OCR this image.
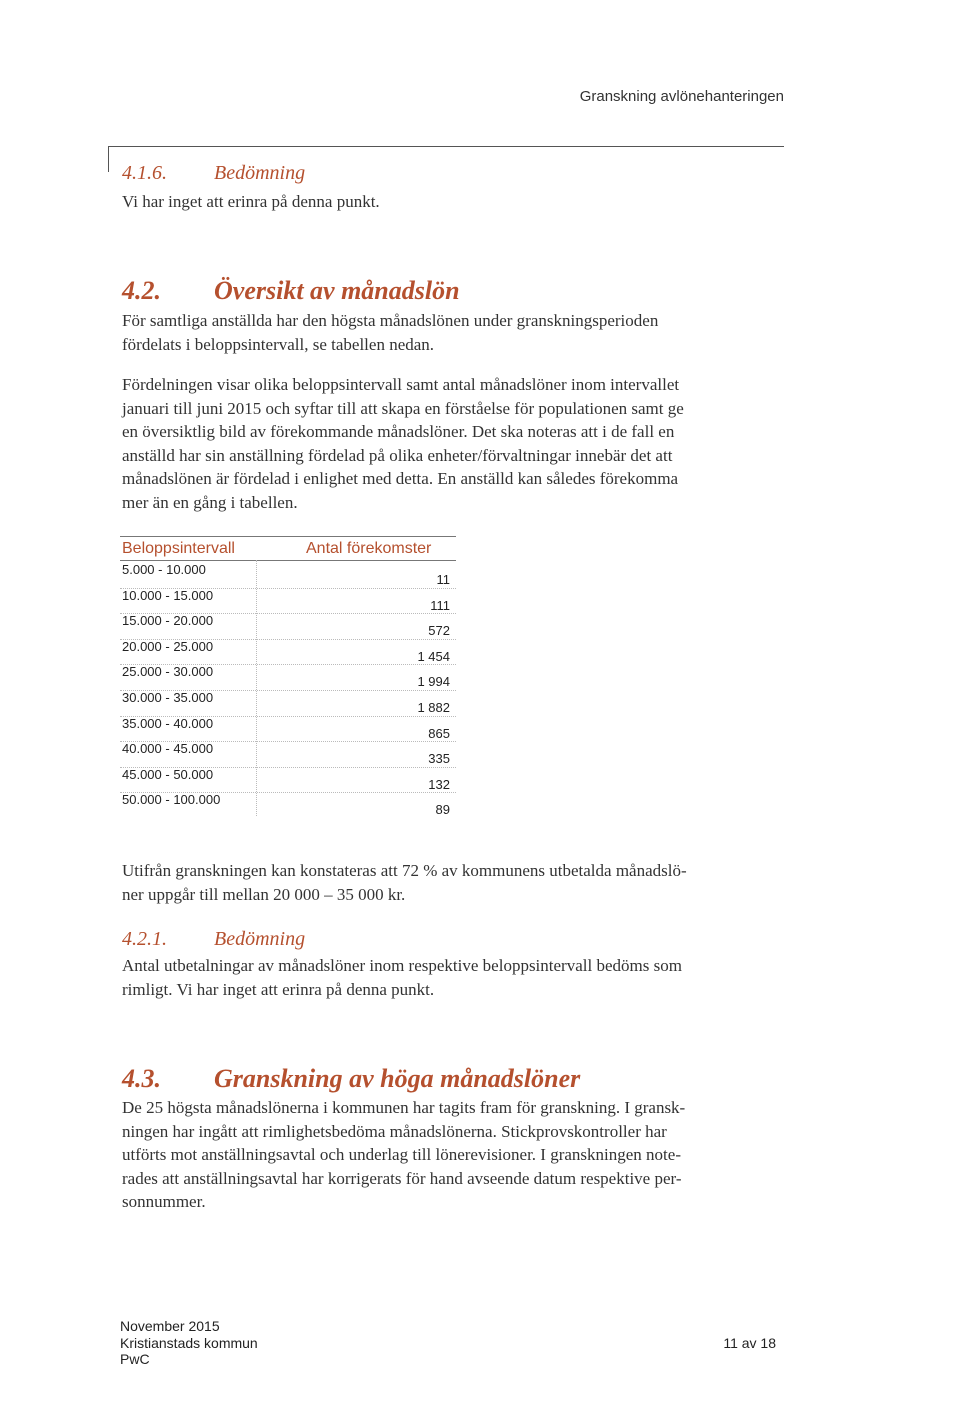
Granskning avlönehanteringen
4.1.6. Bedömning
Vi har inget att erinra på denna punkt.
4.2. Översikt av månadslön
För samtliga anställda har den högsta månadslönen under granskningsperioden
fördelats i beloppsintervall, se tabellen nedan.
Fördelningen visar olika beloppsintervall samt antal månadslöner inom intervallet
januari till juni 2015 och syftar till att skapa en förståelse för populationen samt ge
en översiktlig bild av förekommande månadslöner. Det ska noteras att i de fall en
anställd har sin anställning fördelad på olika enheter/förvaltningar innebär det att
månadslönen är fördelad i enlighet med detta. En anställd kan således förekomma
mer än en gång i tabellen.
Beloppsintervall	Antal förekomster
5.000 - 10.000
11
10.000 - 15.000
111
15.000 - 20.000
572
20.000 - 25.000
1 454
25.000 - 30.000
1 994
30.000 - 35.000
1 882
35.000 - 40.000
865
40.000 - 45.000
335
45.000 - 50.000
132
50.000 - 100.000
89
Utifrån granskningen kan konstateras att 72 % av kommunens utbetalda månadslö-
ner uppgår till mellan 20 000 – 35 000 kr.
4.2.1. Bedömning
Antal utbetalningar av månadslöner inom respektive beloppsintervall bedöms som
rimligt. Vi har inget att erinra på denna punkt.
4.3. Granskning av höga månadslöner
De 25 högsta månadslönerna i kommunen har tagits fram för granskning. I gransk-
ningen har ingått att rimlighetsbedöma månadslönerna. Stickprovskontroller har
utförts mot anställningsavtal och underlag till lönerevisioner. I granskningen note-
rades att anställningsavtal har korrigerats för hand avseende datum respektive per-
sonnummer.
November 2015
Kristianstads kommun
PwC
11 av 18
